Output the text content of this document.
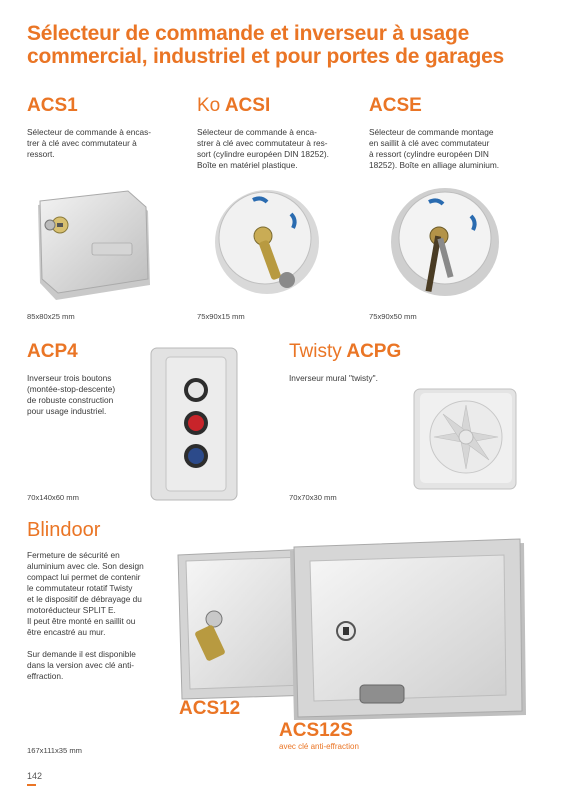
Sélecteur de commande et inverseur à usage
commercial, industriel et pour portes de garages
ACS1
Sélecteur de commande à encas-
trer à clé avec commutateur à
ressort.
85x80x25 mm
Ko ACSI
Sélecteur de commande à enca-
strer à clé avec commutateur à res-
sort (cylindre européen DIN 18252).
Boîte en matériel plastique.
75x90x15 mm
ACSE
Sélecteur de commande montage
en saillit à clé avec commutateur
à ressort (cylindre européen DIN
18252). Boîte en alliage aluminium.
75x90x50 mm
ACP4
Inverseur trois boutons
(montée-stop-descente)
de robuste construction
pour usage industriel.
70x140x60 mm
Twisty ACPG
Inverseur mural "twisty".
70x70x30 mm
Blindoor
Fermeture de sécurité en
aluminium avec cle. Son design
compact lui permet de contenir
le commutateur rotatif Twisty
et le dispositif de débrayage du
motoréducteur SPLIT E.
Il peut être monté en saillit ou
être encastré au mur.
Sur demande il est disponible
dans la version avec clé anti-
effraction.
ACS12
ACS12S
avec clé anti-effraction
167x111x35 mm
142
